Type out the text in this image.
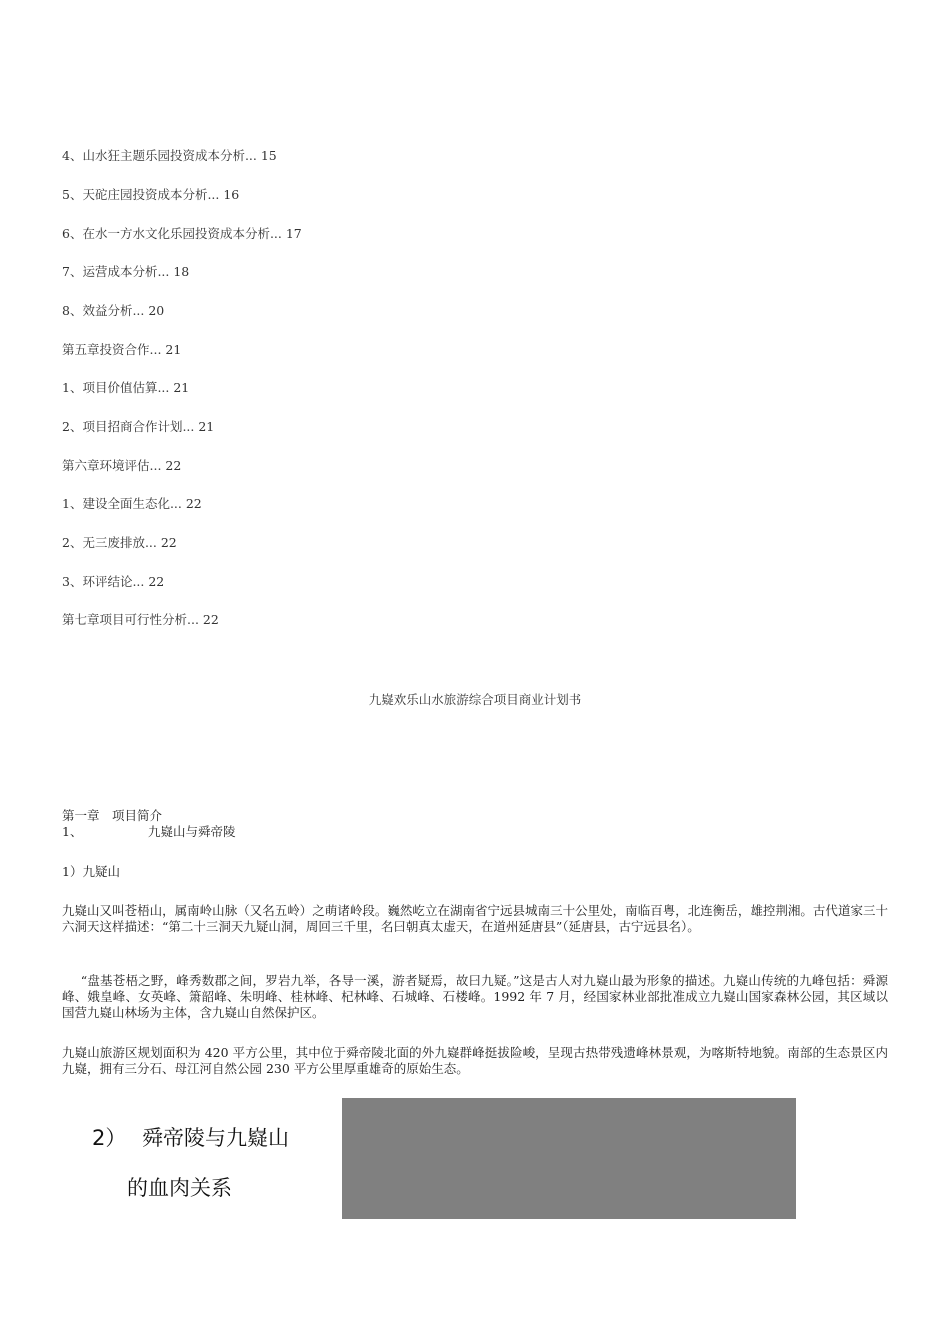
4、山水狂主题乐园投资成本分析... 15
5、天砣庄园投资成本分析... 16
6、在水一方水文化乐园投资成本分析... 17
7、运营成本分析... 18
8、效益分析... 20
第五章投资合作... 21
1、项目价值估算... 21
2、项目招商合作计划... 21
第六章环境评估... 22
1、建设全面生态化... 22
2、无三废排放... 22
3、环评结论... 22
第七章项目可行性分析... 22
九嶷欢乐山水旅游综合项目商业计划书
第一章　项目简介
1、	九嶷山与舜帝陵
1）九疑山
九嶷山又叫苍梧山，属南岭山脉（又名五岭）之萌诸岭段。巍然屹立在湖南省宁远县城南三十公里处，南临百粤，北连衡岳，雄控荆湘。古代道家三十六洞天这样描述：“第二十三洞天九疑山洞，周回三千里，名曰朝真太虚天，在道州延唐县”（延唐县，古宁远县名）。
“盘基苍梧之野，峰秀数郡之间，罗岩九举，各导一溪，游者疑焉，故曰九疑。”这是古人对九嶷山最为形象的描述。九嶷山传统的九峰包括：舜源峰、娥皇峰、女英峰、箫韶峰、朱明峰、桂林峰、杞林峰、石城峰、石楼峰。1992 年 7 月，经国家林业部批准成立九嶷山国家森林公园，其区域以国营九嶷山林场为主体，含九嶷山自然保护区。
九嶷山旅游区规划面积为 420 平方公里，其中位于舜帝陵北面的外九嶷群峰挺拔险峻，呈现古热带残遗峰林景观，为喀斯特地貌。南部的生态景区内九嶷，拥有三分石、母江河自然公园 230 平方公里厚重雄奇的原始生态。
2） 舜帝陵与九嶷山
的血肉关系
